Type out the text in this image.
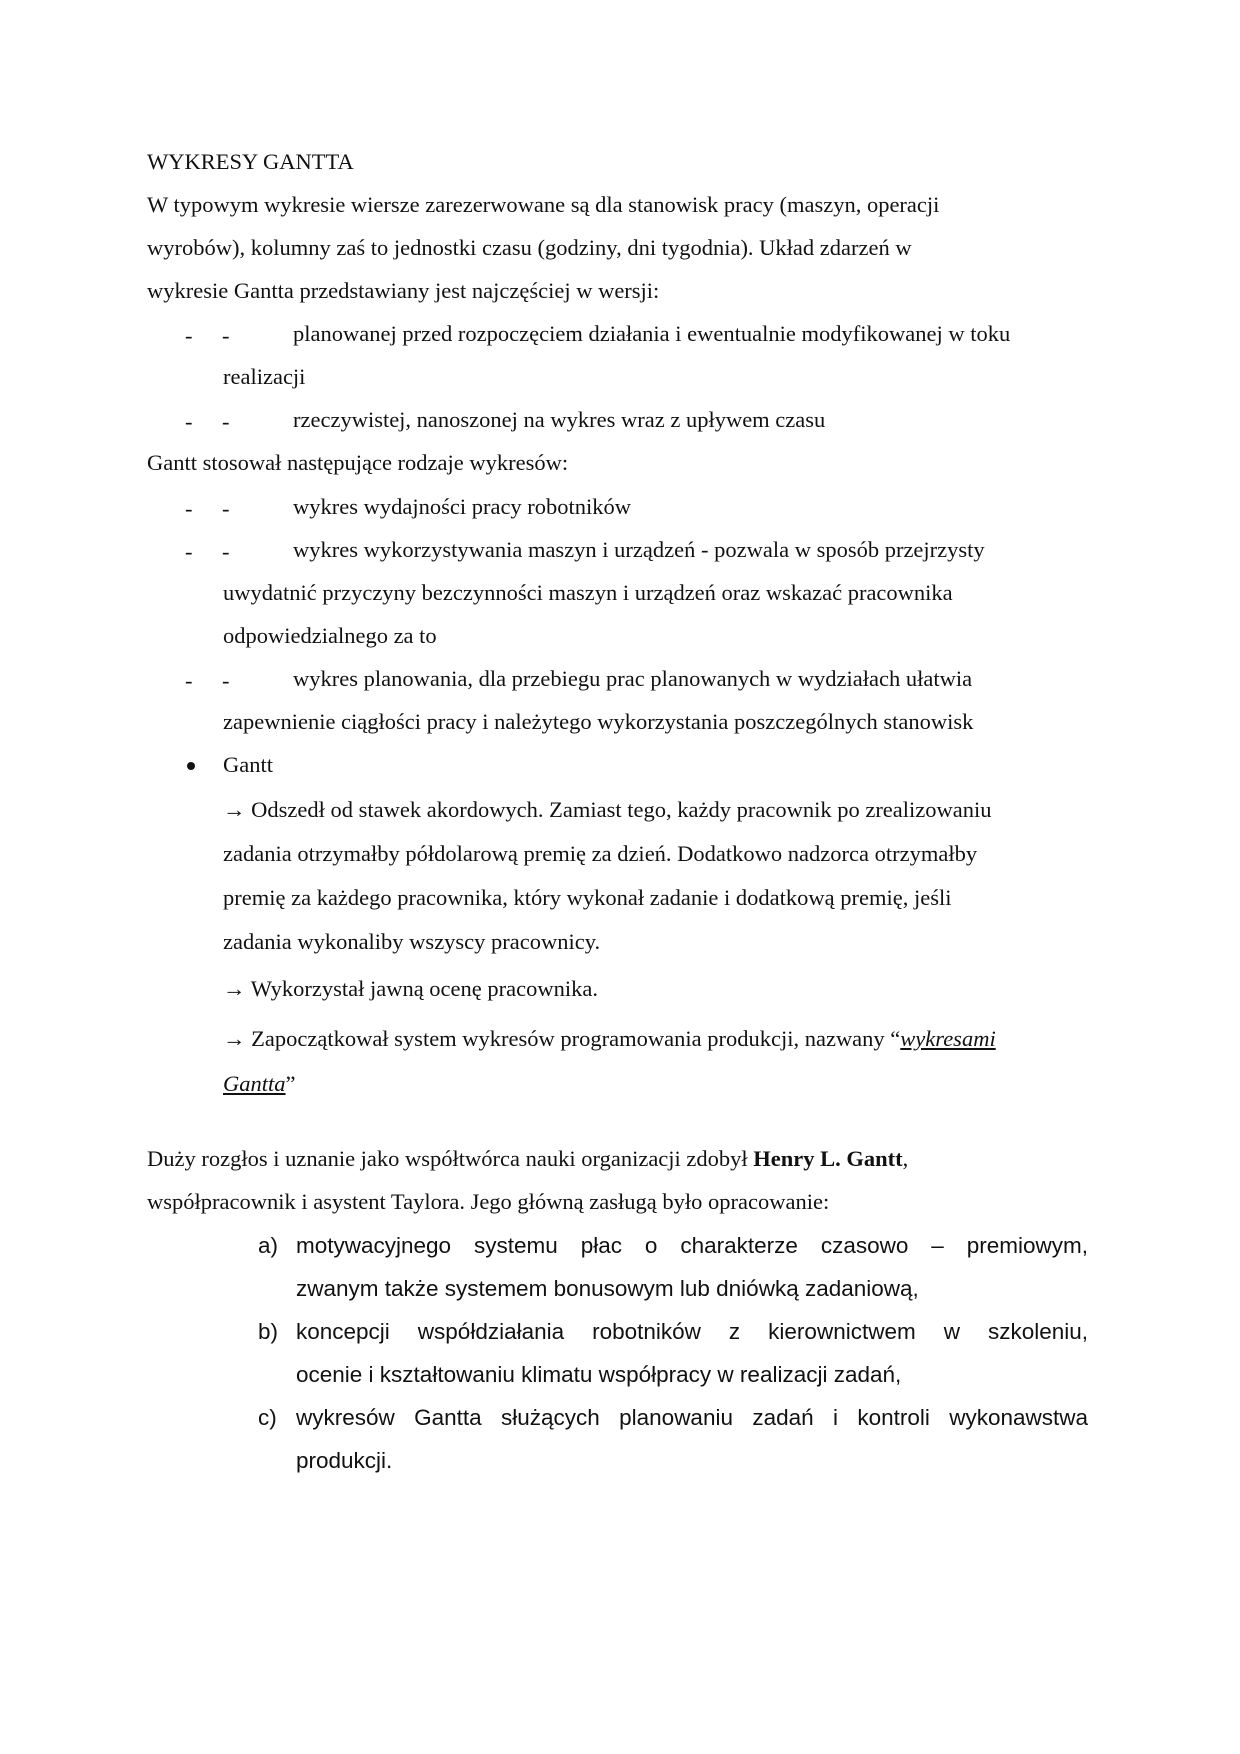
WYKRESY GANTTA
W typowym wykresie wiersze zarezerwowane są dla stanowisk pracy (maszyn, operacji
wyrobów), kolumny zaś to jednostki czasu (godziny, dni tygodnia). Układ zdarzeń w
wykresie Gantta przedstawiany jest najczęściej w wersji:
- -	planowanej przed rozpoczęciem działania i ewentualnie modyfikowanej w toku
realizacji
- -	rzeczywistej, nanoszonej na wykres wraz z upływem czasu
Gantt stosował następujące rodzaje wykresów:
- -	wykres wydajności pracy robotników
- -	wykres wykorzystywania maszyn i urządzeń - pozwala w sposób przejrzysty
uwydatnić przyczyny bezczynności maszyn i urządzeń oraz wskazać pracownika
odpowiedzialnego za to
- -	wykres planowania, dla przebiegu prac planowanych w wydziałach ułatwia
zapewnienie ciągłości pracy i należytego wykorzystania poszczególnych stanowisk
Gantt
→ Odszedł od stawek akordowych. Zamiast tego, każdy pracownik po zrealizowaniu
zadania otrzymałby półdolarową premię za dzień. Dodatkowo nadzorca otrzymałby
premię za każdego pracownika, który wykonał zadanie i dodatkową premię, jeśli
zadania wykonaliby wszyscy pracownicy.
→ Wykorzystał jawną ocenę pracownika.
→ Zapoczątkował system wykresów programowania produkcji, nazwany “wykresami
Gantta”
Duży rozgłos i uznanie jako współtwórca nauki organizacji zdobył Henry L. Gantt,
współpracownik i asystent Taylora. Jego główną zasługą było opracowanie:
a) motywacyjnego systemu płac o charakterze czasowo – premiowym,
zwanym także systemem bonusowym lub dniówką zadaniową,
b) koncepcji współdziałania robotników z kierownictwem w szkoleniu,
ocenie i kształtowaniu klimatu współpracy w realizacji zadań,
c) wykresów Gantta służących planowaniu zadań i kontroli wykonawstwa
produkcji.
